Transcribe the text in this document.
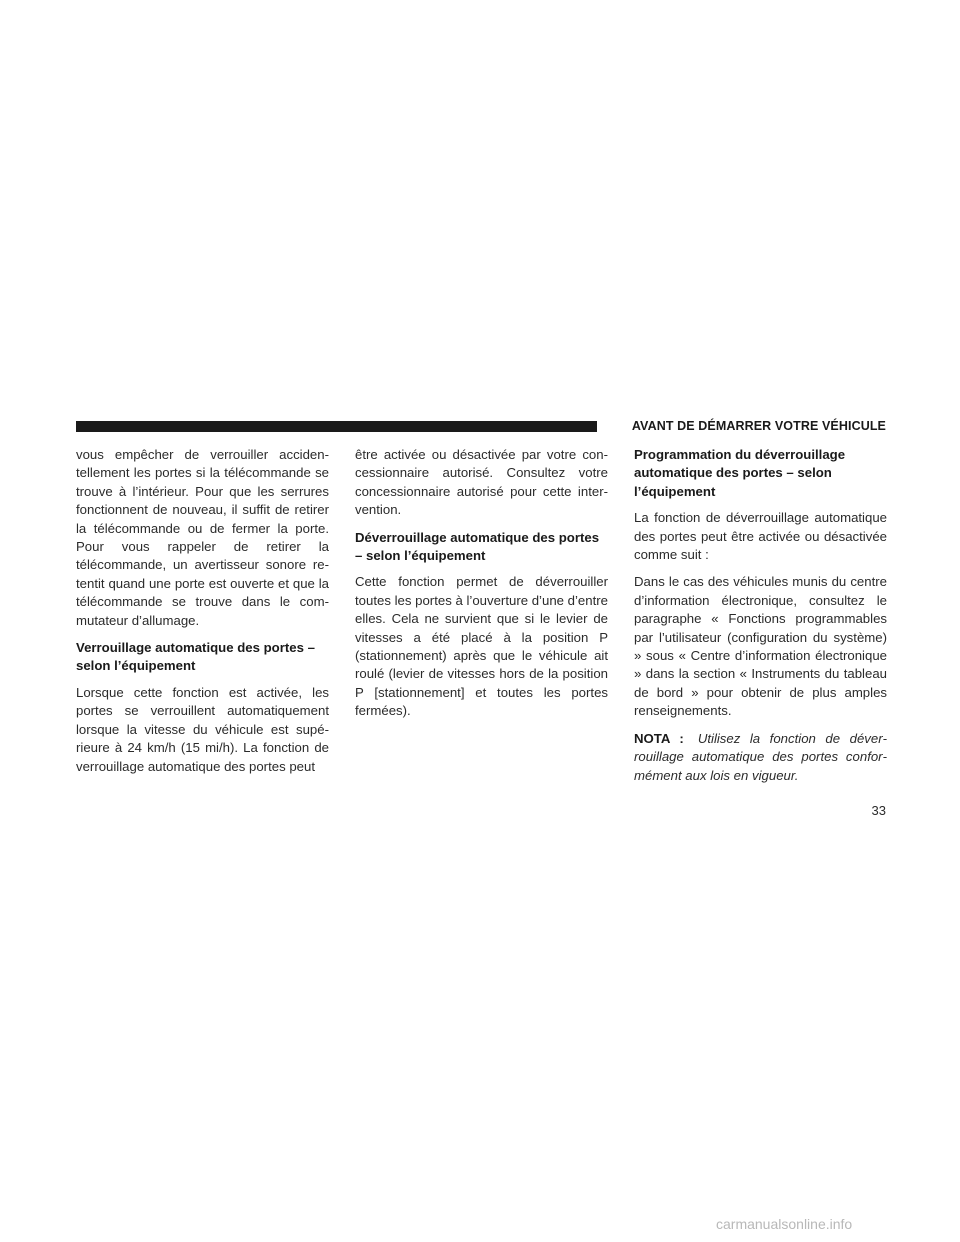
AVANT DE DÉMARRER VOTRE VÉHICULE

vous empêcher de verrouiller accidentellement les portes si la télécommande se trouve à l’intérieur. Pour que les serrures fonctionnent de nouveau, il suffit de retirer la télécommande ou de fermer la porte. Pour vous rappeler de retirer la télécommande, un avertisseur sonore retentit quand une porte est ouverte et que la télécommande se trouve dans le commutateur d’allumage.

Verrouillage automatique des portes – selon l’équipement

Lorsque cette fonction est activée, les portes se verrouillent automatiquement lorsque la vitesse du véhicule est supérieure à 24 km/h (15 mi/h). La fonction de verrouillage automatique des portes peut

être activée ou désactivée par votre concessionnaire autorisé. Consultez votre concessionnaire autorisé pour cette intervention.

Déverrouillage automatique des portes – selon l’équipement

Cette fonction permet de déverrouiller toutes les portes à l’ouverture d’une d’entre elles. Cela ne survient que si le levier de vitesses a été placé à la position P (stationnement) après que le véhicule ait roulé (levier de vitesses hors de la position P [stationnement] et toutes les portes fermées).

Programmation du déverrouillage automatique des portes – selon l’équipement

La fonction de déverrouillage automatique des portes peut être activée ou désactivée comme suit :

Dans le cas des véhicules munis du centre d’information électronique, consultez le paragraphe « Fonctions programmables par l’utilisateur (configuration du système) » sous « Centre d’information électronique » dans la section « Instruments du tableau de bord » pour obtenir de plus amples renseignements.

NOTA : Utilisez la fonction de déverrouillage automatique des portes conformément aux lois en vigueur.

33
carmanualsonline.info
